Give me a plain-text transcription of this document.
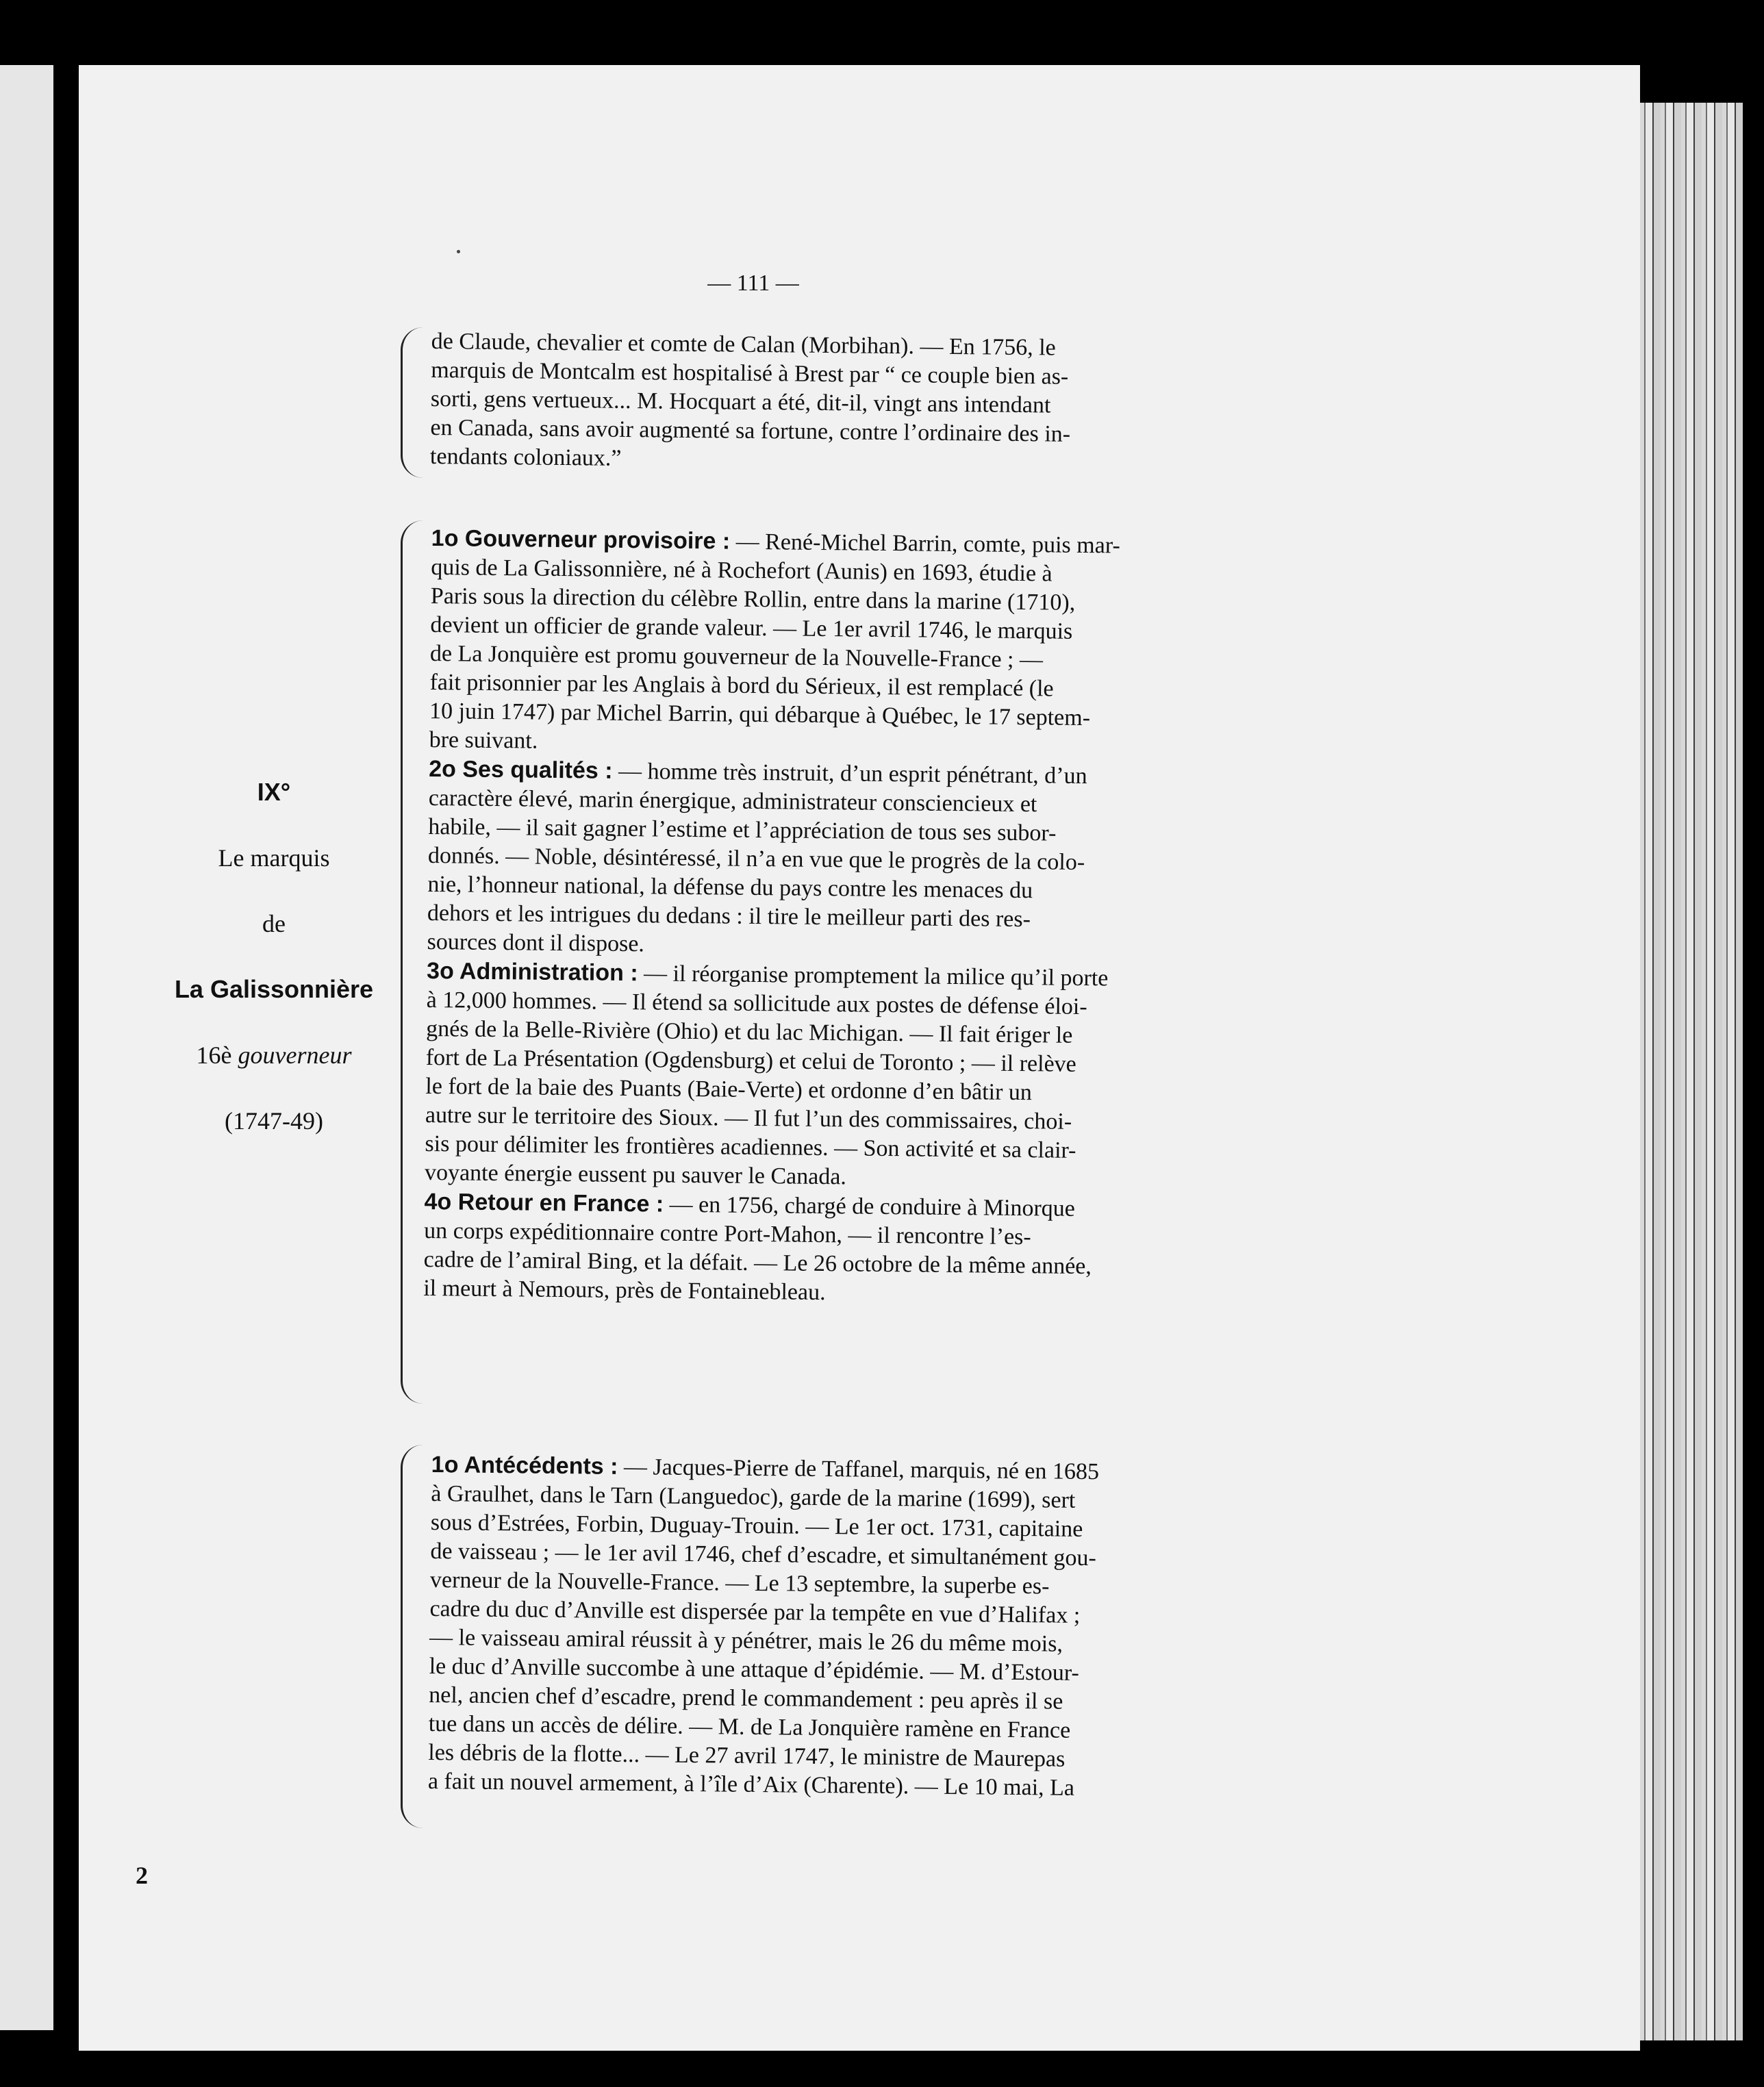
— 111 —

de Claude, chevalier et comte de Calan (Morbihan). — En 1756, le

marquis de Montcalm est hospitalisé à Brest par “ ce couple bien as-

sorti, gens vertueux... M. Hocquart a été, dit-il, vingt ans intendant

en Canada, sans avoir augmenté sa fortune, contre l’ordinaire des in-

tendants coloniaux.”

IX°
Le marquis
de
La Galissonnière
16è gouverneur
(1747-49)

1o Gouverneur provisoire : — René-Michel Barrin, comte, puis mar-

quis de La Galissonnière, né à Rochefort (Aunis) en 1693, étudie à

Paris sous la direction du célèbre Rollin, entre dans la marine (1710),

devient un officier de grande valeur. — Le 1er avril 1746, le marquis

de La Jonquière est promu gouverneur de la Nouvelle-France ; —

fait prisonnier par les Anglais à bord du Sérieux, il est remplacé (le

10 juin 1747) par Michel Barrin, qui débarque à Québec, le 17 septem-

bre suivant.

2o Ses qualités : — homme très instruit, d’un esprit pénétrant, d’un

caractère élevé, marin énergique, administrateur consciencieux et

habile, — il sait gagner l’estime et l’appréciation de tous ses subor-

donnés. — Noble, désintéressé, il n’a en vue que le progrès de la colo-

nie, l’honneur national, la défense du pays contre les menaces du

dehors et les intrigues du dedans : il tire le meilleur parti des res-

sources dont il dispose.

3o Administration : — il réorganise promptement la milice qu’il porte

à 12,000 hommes. — Il étend sa sollicitude aux postes de défense éloi-

gnés de la Belle-Rivière (Ohio) et du lac Michigan. — Il fait ériger le

fort de La Présentation (Ogdensburg) et celui de Toronto ; — il relève

le fort de la baie des Puants (Baie-Verte) et ordonne d’en bâtir un

autre sur le territoire des Sioux. — Il fut l’un des commissaires, choi-

sis pour délimiter les frontières acadiennes. — Son activité et sa clair-

voyante énergie eussent pu sauver le Canada.

4o Retour en France : — en 1756, chargé de conduire à Minorque

un corps expéditionnaire contre Port-Mahon, — il rencontre l’es-

cadre de l’amiral Bing, et la défait. — Le 26 octobre de la même année,

il meurt à Nemours, près de Fontainebleau.

1o Antécédents : — Jacques-Pierre de Taffanel, marquis, né en 1685

à Graulhet, dans le Tarn (Languedoc), garde de la marine (1699), sert

sous d’Estrées, Forbin, Duguay-Trouin. — Le 1er oct. 1731, capitaine

de vaisseau ; — le 1er avil 1746, chef d’escadre, et simultanément gou-

verneur de la Nouvelle-France. — Le 13 septembre, la superbe es-

cadre du duc d’Anville est dispersée par la tempête en vue d’Halifax ;

— le vaisseau amiral réussit à y pénétrer, mais le 26 du même mois,

le duc d’Anville succombe à une attaque d’épidémie. — M. d’Estour-

nel, ancien chef d’escadre, prend le commandement : peu après il se

tue dans un accès de délire. — M. de La Jonquière ramène en France

les débris de la flotte... — Le 27 avril 1747, le ministre de Maurepas

a fait un nouvel armement, à l’île d’Aix (Charente). — Le 10 mai, La

2
